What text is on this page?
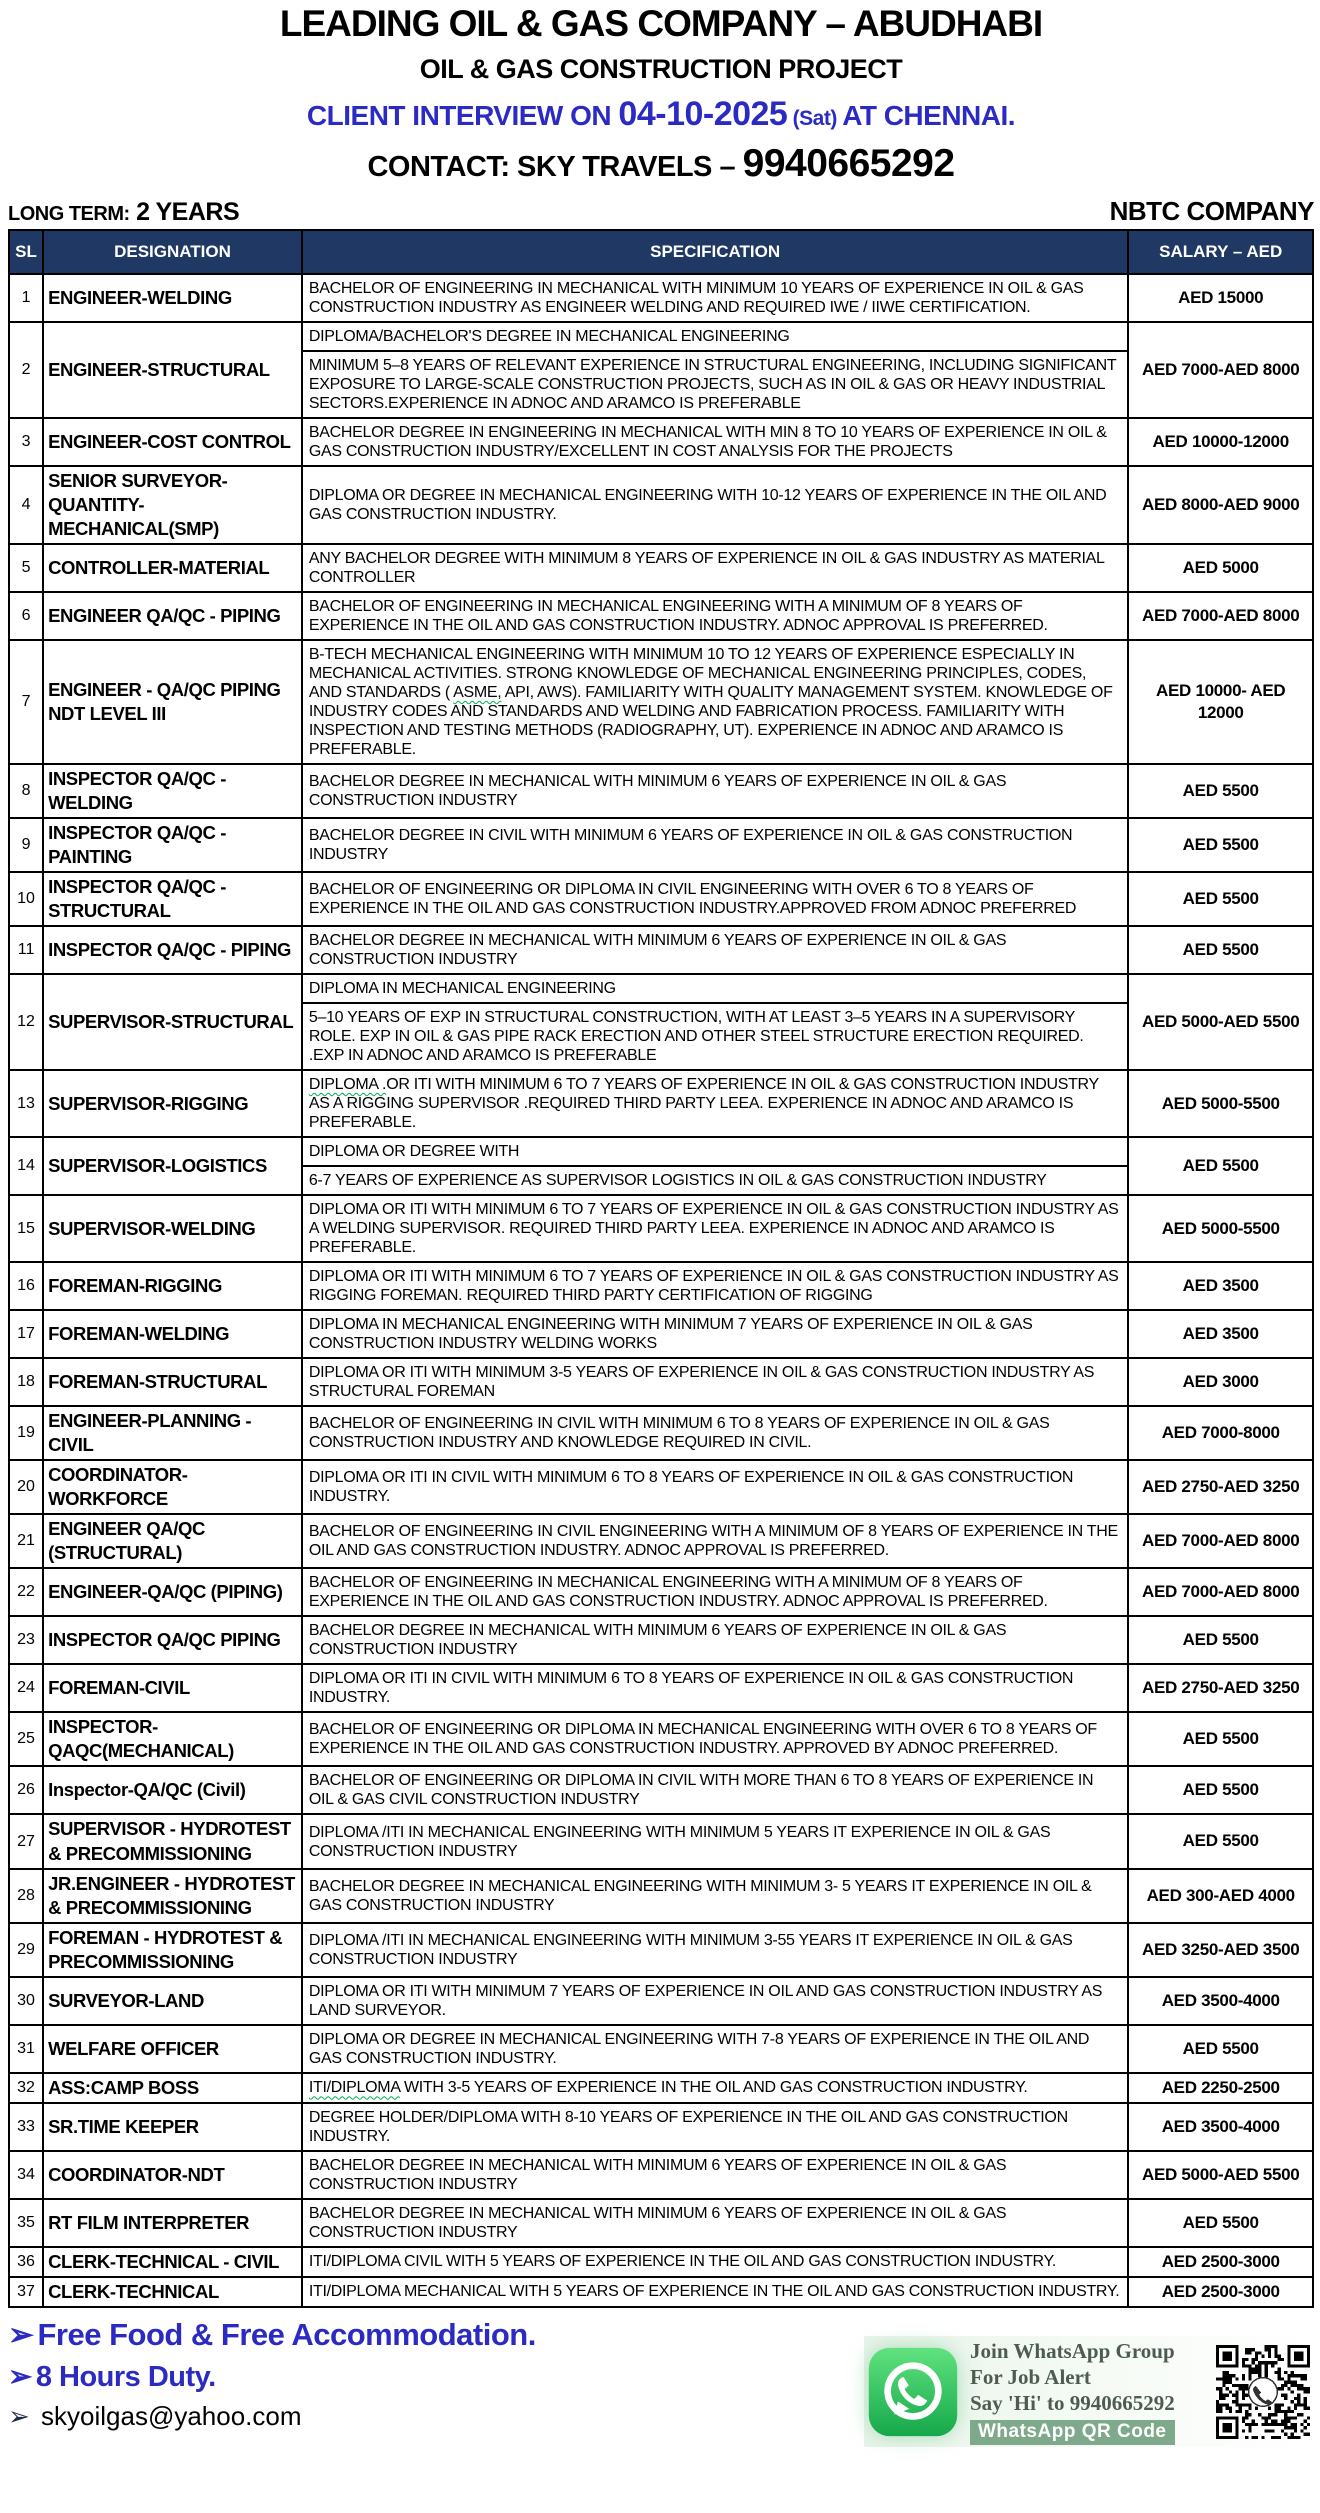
LEADING OIL & GAS COMPANY – ABUDHABI
OIL & GAS CONSTRUCTION PROJECT
CLIENT INTERVIEW ON 04-10-2025 (Sat) AT CHENNAI.
CONTACT: SKY TRAVELS – 9940665292
LONG TERM: 2 YEARS	NBTC COMPANY
SL	DESIGNATION	SPECIFICATION	SALARY – AED
1	ENGINEER-WELDING	BACHELOR OF ENGINEERING IN MECHANICAL WITH MINIMUM 10 YEARS OF EXPERIENCE IN OIL & GAS CONSTRUCTION INDUSTRY AS ENGINEER WELDING AND REQUIRED IWE / IIWE CERTIFICATION.	AED 15000
2	ENGINEER-STRUCTURAL	DIPLOMA/BACHELOR'S DEGREE IN MECHANICAL ENGINEERING
MINIMUM 5–8 YEARS OF RELEVANT EXPERIENCE IN STRUCTURAL ENGINEERING, INCLUDING SIGNIFICANT EXPOSURE TO LARGE-SCALE CONSTRUCTION PROJECTS, SUCH AS IN OIL & GAS OR HEAVY INDUSTRIAL SECTORS.EXPERIENCE IN ADNOC AND ARAMCO IS PREFERABLE	AED 7000-AED 8000
3	ENGINEER-COST CONTROL	BACHELOR DEGREE IN ENGINEERING IN MECHANICAL WITH MIN 8 TO 10 YEARS OF EXPERIENCE IN OIL & GAS CONSTRUCTION INDUSTRY/EXCELLENT IN COST ANALYSIS FOR THE PROJECTS	AED 10000-12000
4	SENIOR SURVEYOR-QUANTITY-MECHANICAL(SMP)	DIPLOMA OR DEGREE IN MECHANICAL ENGINEERING WITH 10-12 YEARS OF EXPERIENCE IN THE OIL AND GAS CONSTRUCTION INDUSTRY.	AED 8000-AED 9000
5	CONTROLLER-MATERIAL	ANY BACHELOR DEGREE WITH MINIMUM 8 YEARS OF EXPERIENCE IN OIL & GAS INDUSTRY AS MATERIAL CONTROLLER	AED 5000
6	ENGINEER QA/QC - PIPING	BACHELOR OF ENGINEERING IN MECHANICAL ENGINEERING WITH A MINIMUM OF 8 YEARS OF EXPERIENCE IN THE OIL AND GAS CONSTRUCTION INDUSTRY. ADNOC APPROVAL IS PREFERRED.	AED 7000-AED 8000
7	ENGINEER - QA/QC PIPING NDT LEVEL III	B-TECH MECHANICAL ENGINEERING WITH MINIMUM 10 TO 12 YEARS OF EXPERIENCE ESPECIALLY IN MECHANICAL ACTIVITIES. STRONG KNOWLEDGE OF MECHANICAL ENGINEERING PRINCIPLES, CODES, AND STANDARDS ( ASME, API, AWS). FAMILIARITY WITH QUALITY MANAGEMENT SYSTEM. KNOWLEDGE OF INDUSTRY CODES AND STANDARDS AND WELDING AND FABRICATION PROCESS. FAMILIARITY WITH INSPECTION AND TESTING METHODS (RADIOGRAPHY, UT). EXPERIENCE IN ADNOC AND ARAMCO IS PREFERABLE.	AED 10000- AED 12000
8	INSPECTOR QA/QC - WELDING	BACHELOR DEGREE IN MECHANICAL WITH MINIMUM 6 YEARS OF EXPERIENCE IN OIL & GAS CONSTRUCTION INDUSTRY	AED 5500
9	INSPECTOR QA/QC - PAINTING	BACHELOR DEGREE IN CIVIL WITH MINIMUM 6 YEARS OF EXPERIENCE IN OIL & GAS CONSTRUCTION INDUSTRY	AED 5500
10	INSPECTOR QA/QC - STRUCTURAL	BACHELOR OF ENGINEERING OR DIPLOMA IN CIVIL ENGINEERING WITH OVER 6 TO 8 YEARS OF EXPERIENCE IN THE OIL AND GAS CONSTRUCTION INDUSTRY.APPROVED FROM ADNOC PREFERRED	AED 5500
11	INSPECTOR QA/QC - PIPING	BACHELOR DEGREE IN MECHANICAL WITH MINIMUM 6 YEARS OF EXPERIENCE IN OIL & GAS CONSTRUCTION INDUSTRY	AED 5500
12	SUPERVISOR-STRUCTURAL	DIPLOMA IN MECHANICAL ENGINEERING
5–10 YEARS OF EXP IN STRUCTURAL CONSTRUCTION, WITH AT LEAST 3–5 YEARS IN A SUPERVISORY ROLE. EXP IN OIL & GAS PIPE RACK ERECTION AND OTHER STEEL STRUCTURE ERECTION REQUIRED. .EXP IN ADNOC AND ARAMCO IS PREFERABLE	AED 5000-AED 5500
13	SUPERVISOR-RIGGING	DIPLOMA .OR ITI WITH MINIMUM 6 TO 7 YEARS OF EXPERIENCE IN OIL & GAS CONSTRUCTION INDUSTRY AS A RIGGING SUPERVISOR .REQUIRED THIRD PARTY LEEA. EXPERIENCE IN ADNOC AND ARAMCO IS PREFERABLE.	AED 5000-5500
14	SUPERVISOR-LOGISTICS	DIPLOMA OR DEGREE WITH
6-7 YEARS OF EXPERIENCE AS SUPERVISOR LOGISTICS IN OIL & GAS CONSTRUCTION INDUSTRY	AED 5500
15	SUPERVISOR-WELDING	DIPLOMA OR ITI WITH MINIMUM 6 TO 7 YEARS OF EXPERIENCE IN OIL & GAS CONSTRUCTION INDUSTRY AS A WELDING SUPERVISOR. REQUIRED THIRD PARTY LEEA. EXPERIENCE IN ADNOC AND ARAMCO IS PREFERABLE.	AED 5000-5500
16	FOREMAN-RIGGING	DIPLOMA OR ITI WITH MINIMUM 6 TO 7 YEARS OF EXPERIENCE IN OIL & GAS CONSTRUCTION INDUSTRY AS RIGGING FOREMAN. REQUIRED THIRD PARTY CERTIFICATION OF RIGGING	AED 3500
17	FOREMAN-WELDING	DIPLOMA IN MECHANICAL ENGINEERING WITH MINIMUM 7 YEARS OF EXPERIENCE IN OIL & GAS CONSTRUCTION INDUSTRY WELDING WORKS	AED 3500
18	FOREMAN-STRUCTURAL	DIPLOMA OR ITI WITH MINIMUM 3-5 YEARS OF EXPERIENCE IN OIL & GAS CONSTRUCTION INDUSTRY AS STRUCTURAL FOREMAN	AED 3000
19	ENGINEER-PLANNING - CIVIL	BACHELOR OF ENGINEERING IN CIVIL WITH MINIMUM 6 TO 8 YEARS OF EXPERIENCE IN OIL & GAS CONSTRUCTION INDUSTRY AND KNOWLEDGE REQUIRED IN CIVIL.	AED 7000-8000
20	COORDINATOR-WORKFORCE	DIPLOMA OR ITI IN CIVIL WITH MINIMUM 6 TO 8 YEARS OF EXPERIENCE IN OIL & GAS CONSTRUCTION INDUSTRY.	AED 2750-AED 3250
21	ENGINEER QA/QC (STRUCTURAL)	BACHELOR OF ENGINEERING IN CIVIL ENGINEERING WITH A MINIMUM OF 8 YEARS OF EXPERIENCE IN THE OIL AND GAS CONSTRUCTION INDUSTRY. ADNOC APPROVAL IS PREFERRED.	AED 7000-AED 8000
22	ENGINEER-QA/QC (PIPING)	BACHELOR OF ENGINEERING IN MECHANICAL ENGINEERING WITH A MINIMUM OF 8 YEARS OF EXPERIENCE IN THE OIL AND GAS CONSTRUCTION INDUSTRY. ADNOC APPROVAL IS PREFERRED.	AED 7000-AED 8000
23	INSPECTOR QA/QC PIPING	BACHELOR DEGREE IN MECHANICAL WITH MINIMUM 6 YEARS OF EXPERIENCE IN OIL & GAS CONSTRUCTION INDUSTRY	AED 5500
24	FOREMAN-CIVIL	DIPLOMA OR ITI IN CIVIL WITH MINIMUM 6 TO 8 YEARS OF EXPERIENCE IN OIL & GAS CONSTRUCTION INDUSTRY.	AED 2750-AED 3250
25	INSPECTOR-QAQC(MECHANICAL)	BACHELOR OF ENGINEERING OR DIPLOMA IN MECHANICAL ENGINEERING WITH OVER 6 TO 8 YEARS OF EXPERIENCE IN THE OIL AND GAS CONSTRUCTION INDUSTRY. APPROVED BY ADNOC PREFERRED.	AED 5500
26	Inspector-QA/QC (Civil)	BACHELOR OF ENGINEERING OR DIPLOMA IN CIVIL WITH MORE THAN 6 TO 8 YEARS OF EXPERIENCE IN OIL & GAS CIVIL CONSTRUCTION INDUSTRY	AED 5500
27	SUPERVISOR - HYDROTEST & PRECOMMISSIONING	DIPLOMA /ITI IN MECHANICAL ENGINEERING WITH MINIMUM 5 YEARS IT EXPERIENCE IN OIL & GAS CONSTRUCTION INDUSTRY	AED 5500
28	JR.ENGINEER - HYDROTEST & PRECOMMISSIONING	BACHELOR DEGREE IN MECHANICAL ENGINEERING WITH MINIMUM 3- 5 YEARS IT EXPERIENCE IN OIL & GAS CONSTRUCTION INDUSTRY	AED 300-AED 4000
29	FOREMAN - HYDROTEST & PRECOMMISSIONING	DIPLOMA /ITI IN MECHANICAL ENGINEERING WITH MINIMUM 3-55 YEARS IT EXPERIENCE IN OIL & GAS CONSTRUCTION INDUSTRY	AED 3250-AED 3500
30	SURVEYOR-LAND	DIPLOMA OR ITI WITH MINIMUM 7 YEARS OF EXPERIENCE IN OIL AND GAS CONSTRUCTION INDUSTRY AS LAND SURVEYOR.	AED 3500-4000
31	WELFARE OFFICER	DIPLOMA OR DEGREE IN MECHANICAL ENGINEERING WITH 7-8 YEARS OF EXPERIENCE IN THE OIL AND GAS CONSTRUCTION INDUSTRY.	AED 5500
32	ASS:CAMP BOSS	ITI/DIPLOMA WITH 3-5 YEARS OF EXPERIENCE IN THE OIL AND GAS CONSTRUCTION INDUSTRY.	AED 2250-2500
33	SR.TIME KEEPER	DEGREE HOLDER/DIPLOMA WITH 8-10 YEARS OF EXPERIENCE IN THE OIL AND GAS CONSTRUCTION INDUSTRY.	AED 3500-4000
34	COORDINATOR-NDT	BACHELOR DEGREE IN MECHANICAL WITH MINIMUM 6 YEARS OF EXPERIENCE IN OIL & GAS CONSTRUCTION INDUSTRY	AED 5000-AED 5500
35	RT FILM INTERPRETER	BACHELOR DEGREE IN MECHANICAL WITH MINIMUM 6 YEARS OF EXPERIENCE IN OIL & GAS CONSTRUCTION INDUSTRY	AED 5500
36	CLERK-TECHNICAL - CIVIL	ITI/DIPLOMA CIVIL WITH 5 YEARS OF EXPERIENCE IN THE OIL AND GAS CONSTRUCTION INDUSTRY.	AED 2500-3000
37	CLERK-TECHNICAL	ITI/DIPLOMA MECHANICAL WITH 5 YEARS OF EXPERIENCE IN THE OIL AND GAS CONSTRUCTION INDUSTRY.	AED 2500-3000
➢ Free Food & Free Accommodation.
➢ 8 Hours Duty.
➢ skyoilgas@yahoo.com
Join WhatsApp Group
For Job Alert
Say 'Hi' to 9940665292
WhatsApp QR Code
